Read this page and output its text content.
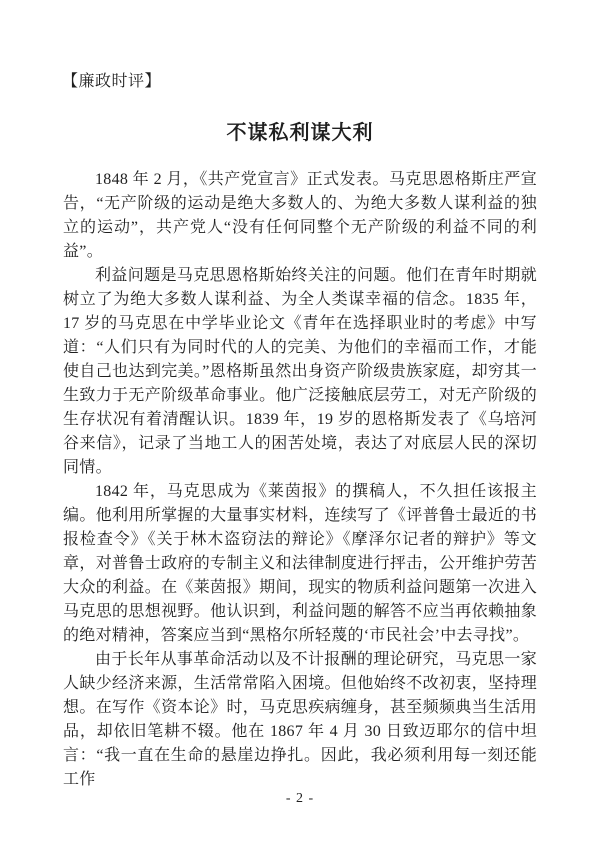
【廉政时评】
不谋私利谋大利

1848 年 2 月，《共产党宣言》正式发表。马克思恩格斯庄严宣告，“无产阶级的运动是绝大多数人的、为绝大多数人谋利益的独立的运动”，共产党人“没有任何同整个无产阶级的利益不同的利益”。

利益问题是马克思恩格斯始终关注的问题。他们在青年时期就树立了为绝大多数人谋利益、为全人类谋幸福的信念。1835 年，17 岁的马克思在中学毕业论文《青年在选择职业时的考虑》中写道：“人们只有为同时代的人的完美、为他们的幸福而工作，才能使自己也达到完美。”恩格斯虽然出身资产阶级贵族家庭，却穷其一生致力于无产阶级革命事业。他广泛接触底层劳工，对无产阶级的生存状况有着清醒认识。1839 年，19 岁的恩格斯发表了《乌培河谷来信》，记录了当地工人的困苦处境，表达了对底层人民的深切同情。

1842 年，马克思成为《莱茵报》的撰稿人，不久担任该报主编。他利用所掌握的大量事实材料，连续写了《评普鲁士最近的书报检查令》《关于林木盗窃法的辩论》《摩泽尔记者的辩护》等文章，对普鲁士政府的专制主义和法律制度进行抨击，公开维护劳苦大众的利益。在《莱茵报》期间，现实的物质利益问题第一次进入马克思的思想视野。他认识到，利益问题的解答不应当再依赖抽象的绝对精神，答案应当到“黑格尔所轻蔑的‘市民社会’中去寻找”。

由于长年从事革命活动以及不计报酬的理论研究，马克思一家人缺少经济来源，生活常常陷入困境。但他始终不改初衷，坚持理想。在写作《资本论》时，马克思疾病缠身，甚至频频典当生活用品，却依旧笔耕不辍。他在 1867 年 4 月 30 日致迈耶尔的信中坦言：“我一直在生命的悬崖边挣扎。因此，我必须利用每一刻还能工作

- 2 -
